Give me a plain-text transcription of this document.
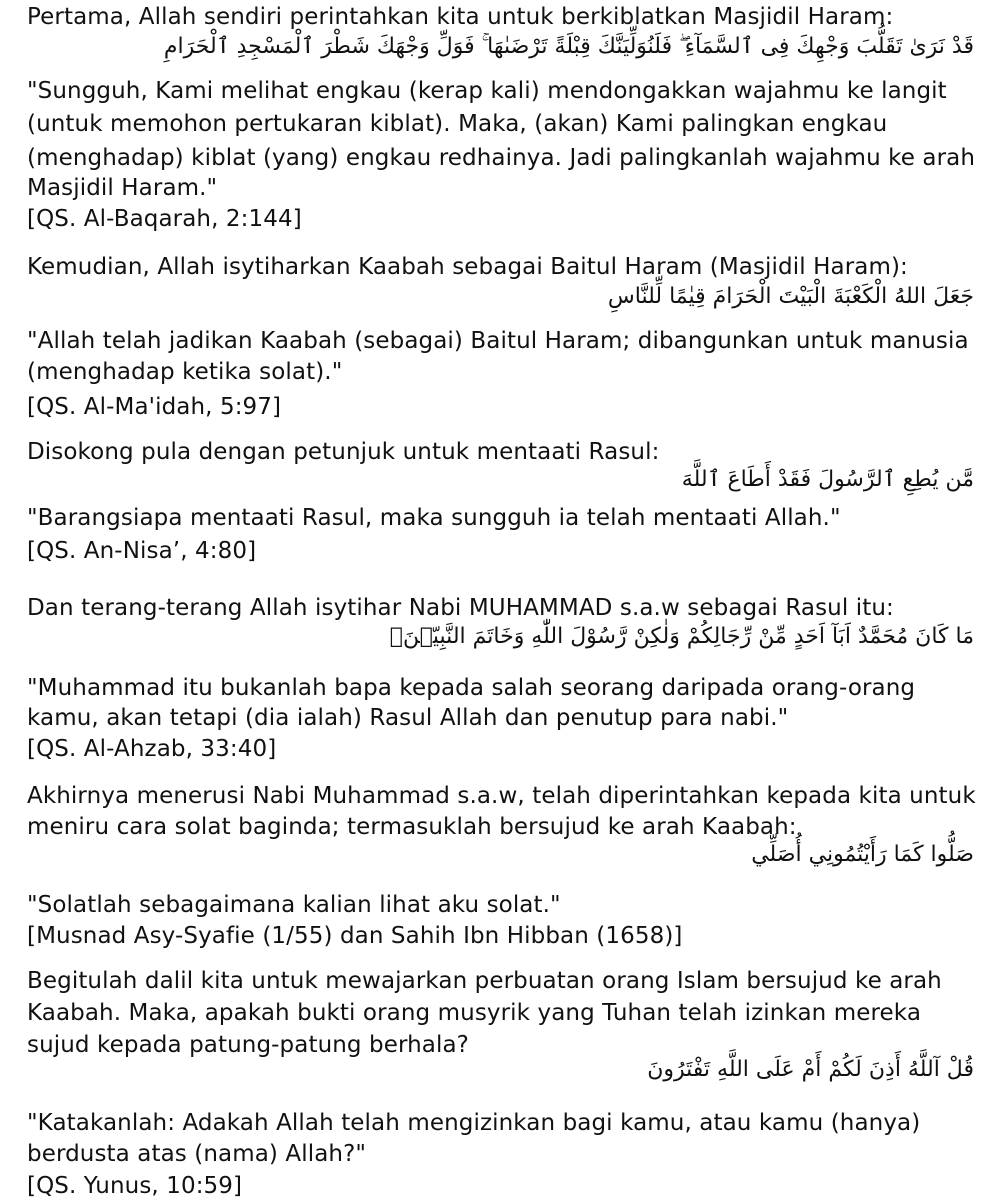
Pertama, Allah sendiri perintahkan kita untuk berkiblatkan Masjidil Haram:
قَدْ نَرَىٰ تَقَلُّبَ وَجْهِكَ فِى ٱلسَّمَآءِ ۖ فَلَنُوَلِّيَنَّكَ قِبْلَةً تَرْضَىٰهَا ۚ فَوَلِّ وَجْهَكَ شَطْرَ ٱلْمَسْجِدِ ٱلْحَرَامِ
"Sungguh, Kami melihat engkau (kerap kali) mendongakkan wajahmu ke langit
(untuk memohon pertukaran kiblat). Maka, (akan) Kami palingkan engkau
(menghadap) kiblat (yang) engkau redhainya. Jadi palingkanlah wajahmu ke arah
Masjidil Haram."
[QS. Al-Baqarah, 2:144]
Kemudian, Allah isytiharkan Kaabah sebagai Baitul Haram (Masjidil Haram):
جَعَلَ اللهُ الْكَعْبَةَ الْبَيْتَ الْحَرَامَ قِيٰمًا لِّلنَّاسِ
"Allah telah jadikan Kaabah (sebagai) Baitul Haram; dibangunkan untuk manusia
(menghadap ketika solat)."
[QS. Al-Ma'idah, 5:97]
Disokong pula dengan petunjuk untuk mentaati Rasul:
مَّن يُطِعِ ٱلرَّسُولَ فَقَدْ أَطَاعَ ٱللَّهَ
"Barangsiapa mentaati Rasul, maka sungguh ia telah mentaati Allah."
[QS. An-Nisa’, 4:80]
Dan terang-terang Allah isytihar Nabi MUHAMMAD s.a.w sebagai Rasul itu:
مَا كَانَ مُحَمَّدٌ اَبَآ اَحَدٍ مِّنْ رِّجَالِكُمْ وَلٰكِنْ رَّسُوْلَ اللّٰهِ وَخَاتَمَ النَّبِيّٖنَۗ
"Muhammad itu bukanlah bapa kepada salah seorang daripada orang-orang
kamu, akan tetapi (dia ialah) Rasul Allah dan penutup para nabi."
[QS. Al-Ahzab, 33:40]
Akhirnya menerusi Nabi Muhammad s.a.w, telah diperintahkan kepada kita untuk
meniru cara solat baginda; termasuklah bersujud ke arah Kaabah:
صَلُّوا كَمَا رَأَيْتُمُونِي أُصَلِّي
"Solatlah sebagaimana kalian lihat aku solat."
[Musnad Asy-Syafie (1/55) dan Sahih Ibn Hibban (1658)]
Begitulah dalil kita untuk mewajarkan perbuatan orang Islam bersujud ke arah
Kaabah. Maka, apakah bukti orang musyrik yang Tuhan telah izinkan mereka
sujud kepada patung-patung berhala?
قُلْ آللَّهُ أَذِنَ لَكُمْ أَمْ عَلَى اللَّهِ تَفْتَرُونَ
"Katakanlah: Adakah Allah telah mengizinkan bagi kamu, atau kamu (hanya)
berdusta atas (nama) Allah?"
[QS. Yunus, 10:59]
